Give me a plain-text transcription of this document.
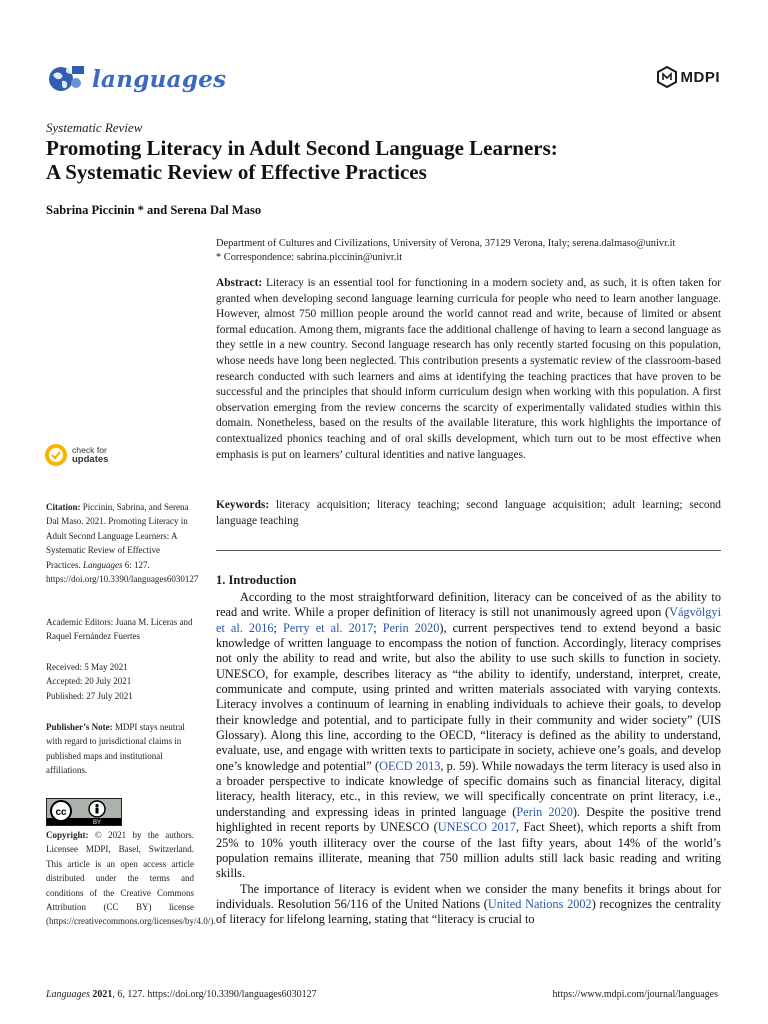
languages	MDPI
Systematic Review
Promoting Literacy in Adult Second Language Learners:
A Systematic Review of Effective Practices
Sabrina Piccinin * and Serena Dal Maso
Department of Cultures and Civilizations, University of Verona, 37129 Verona, Italy; serena.dalmaso@univr.it
* Correspondence: sabrina.piccinin@univr.it
Abstract: Literacy is an essential tool for functioning in a modern society and, as such, it is often taken for granted when developing second language learning curricula for people who need to learn another language. However, almost 750 million people around the world cannot read and write, because of limited or absent formal education. Among them, migrants face the additional challenge of having to learn a second language as they settle in a new country. Second language research has only recently started focusing on this population, whose needs have long been neglected. This contribution presents a systematic review of the classroom-based research conducted with such learners and aims at identifying the teaching practices that have proven to be successful and the principles that should inform curriculum design when working with this population. A first observation emerging from the review concerns the scarcity of experimentally validated studies within this domain. Nonetheless, based on the results of the available literature, this work highlights the importance of contextualized phonics teaching and of oral skills development, which turn out to be most effective when emphasis is put on learners’ cultural identities and native languages.
Keywords: literacy acquisition; literacy teaching; second language acquisition; adult learning; second language teaching
1. Introduction

According to the most straightforward definition, literacy can be conceived of as the ability to read and write. While a proper definition of literacy is still not unanimously agreed upon (Vágvölgyi et al. 2016; Perry et al. 2017; Perin 2020), current perspectives tend to extend beyond a basic knowledge of written language to encompass the notion of function. Accordingly, literacy comprises not only the ability to read and write, but also the ability to use such skills to function in society. UNESCO, for example, describes literacy as “the ability to identify, understand, interpret, create, communicate and compute, using printed and written materials associated with varying contexts. Literacy involves a continuum of learning in enabling individuals to achieve their goals, to develop their knowledge and potential, and to participate fully in their community and wider society” (UIS Glossary). Along this line, according to the OECD, “literacy is defined as the ability to understand, evaluate, use, and engage with written texts to participate in society, achieve one’s goals, and develop one’s knowledge and potential” (OECD 2013, p. 59). While nowadays the term literacy is used also in a broader perspective to indicate knowledge of specific domains such as financial literacy, digital literacy, health literacy, etc., in this review, we will specifically concentrate on print literacy, i.e., understanding and expressing ideas in printed language (Perin 2020). Despite the positive trend highlighted in recent reports by UNESCO (UNESCO 2017, Fact Sheet), which reports a shift from 25% to 10% youth illiteracy over the course of the last fifty years, about 14% of the world’s population remains illiterate, meaning that 750 million adults still lack basic reading and writing skills.

The importance of literacy is evident when we consider the many benefits it brings about for individuals. Resolution 56/116 of the United Nations (United Nations 2002) recognizes the centrality of literacy for lifelong learning, stating that “literacy is crucial to

check for
updates
Citation: Piccinin, Sabrina, and Serena Dal Maso. 2021. Promoting Literacy in Adult Second Language Learners: A Systematic Review of Effective Practices. Languages 6: 127. https://doi.org/10.3390/languages6030127
Academic Editors: Juana M. Liceras and Raquel Fernández Fuertes
Received: 5 May 2021
Accepted: 20 July 2021
Published: 27 July 2021
Publisher’s Note: MDPI stays neutral with regard to jurisdictional claims in published maps and institutional affiliations.
cc
BY
Copyright: © 2021 by the authors. Licensee MDPI, Basel, Switzerland. This article is an open access article distributed under the terms and conditions of the Creative Commons Attribution (CC BY) license (https://creativecommons.org/licenses/by/4.0/).
Languages 2021, 6, 127. https://doi.org/10.3390/languages6030127	https://www.mdpi.com/journal/languages
